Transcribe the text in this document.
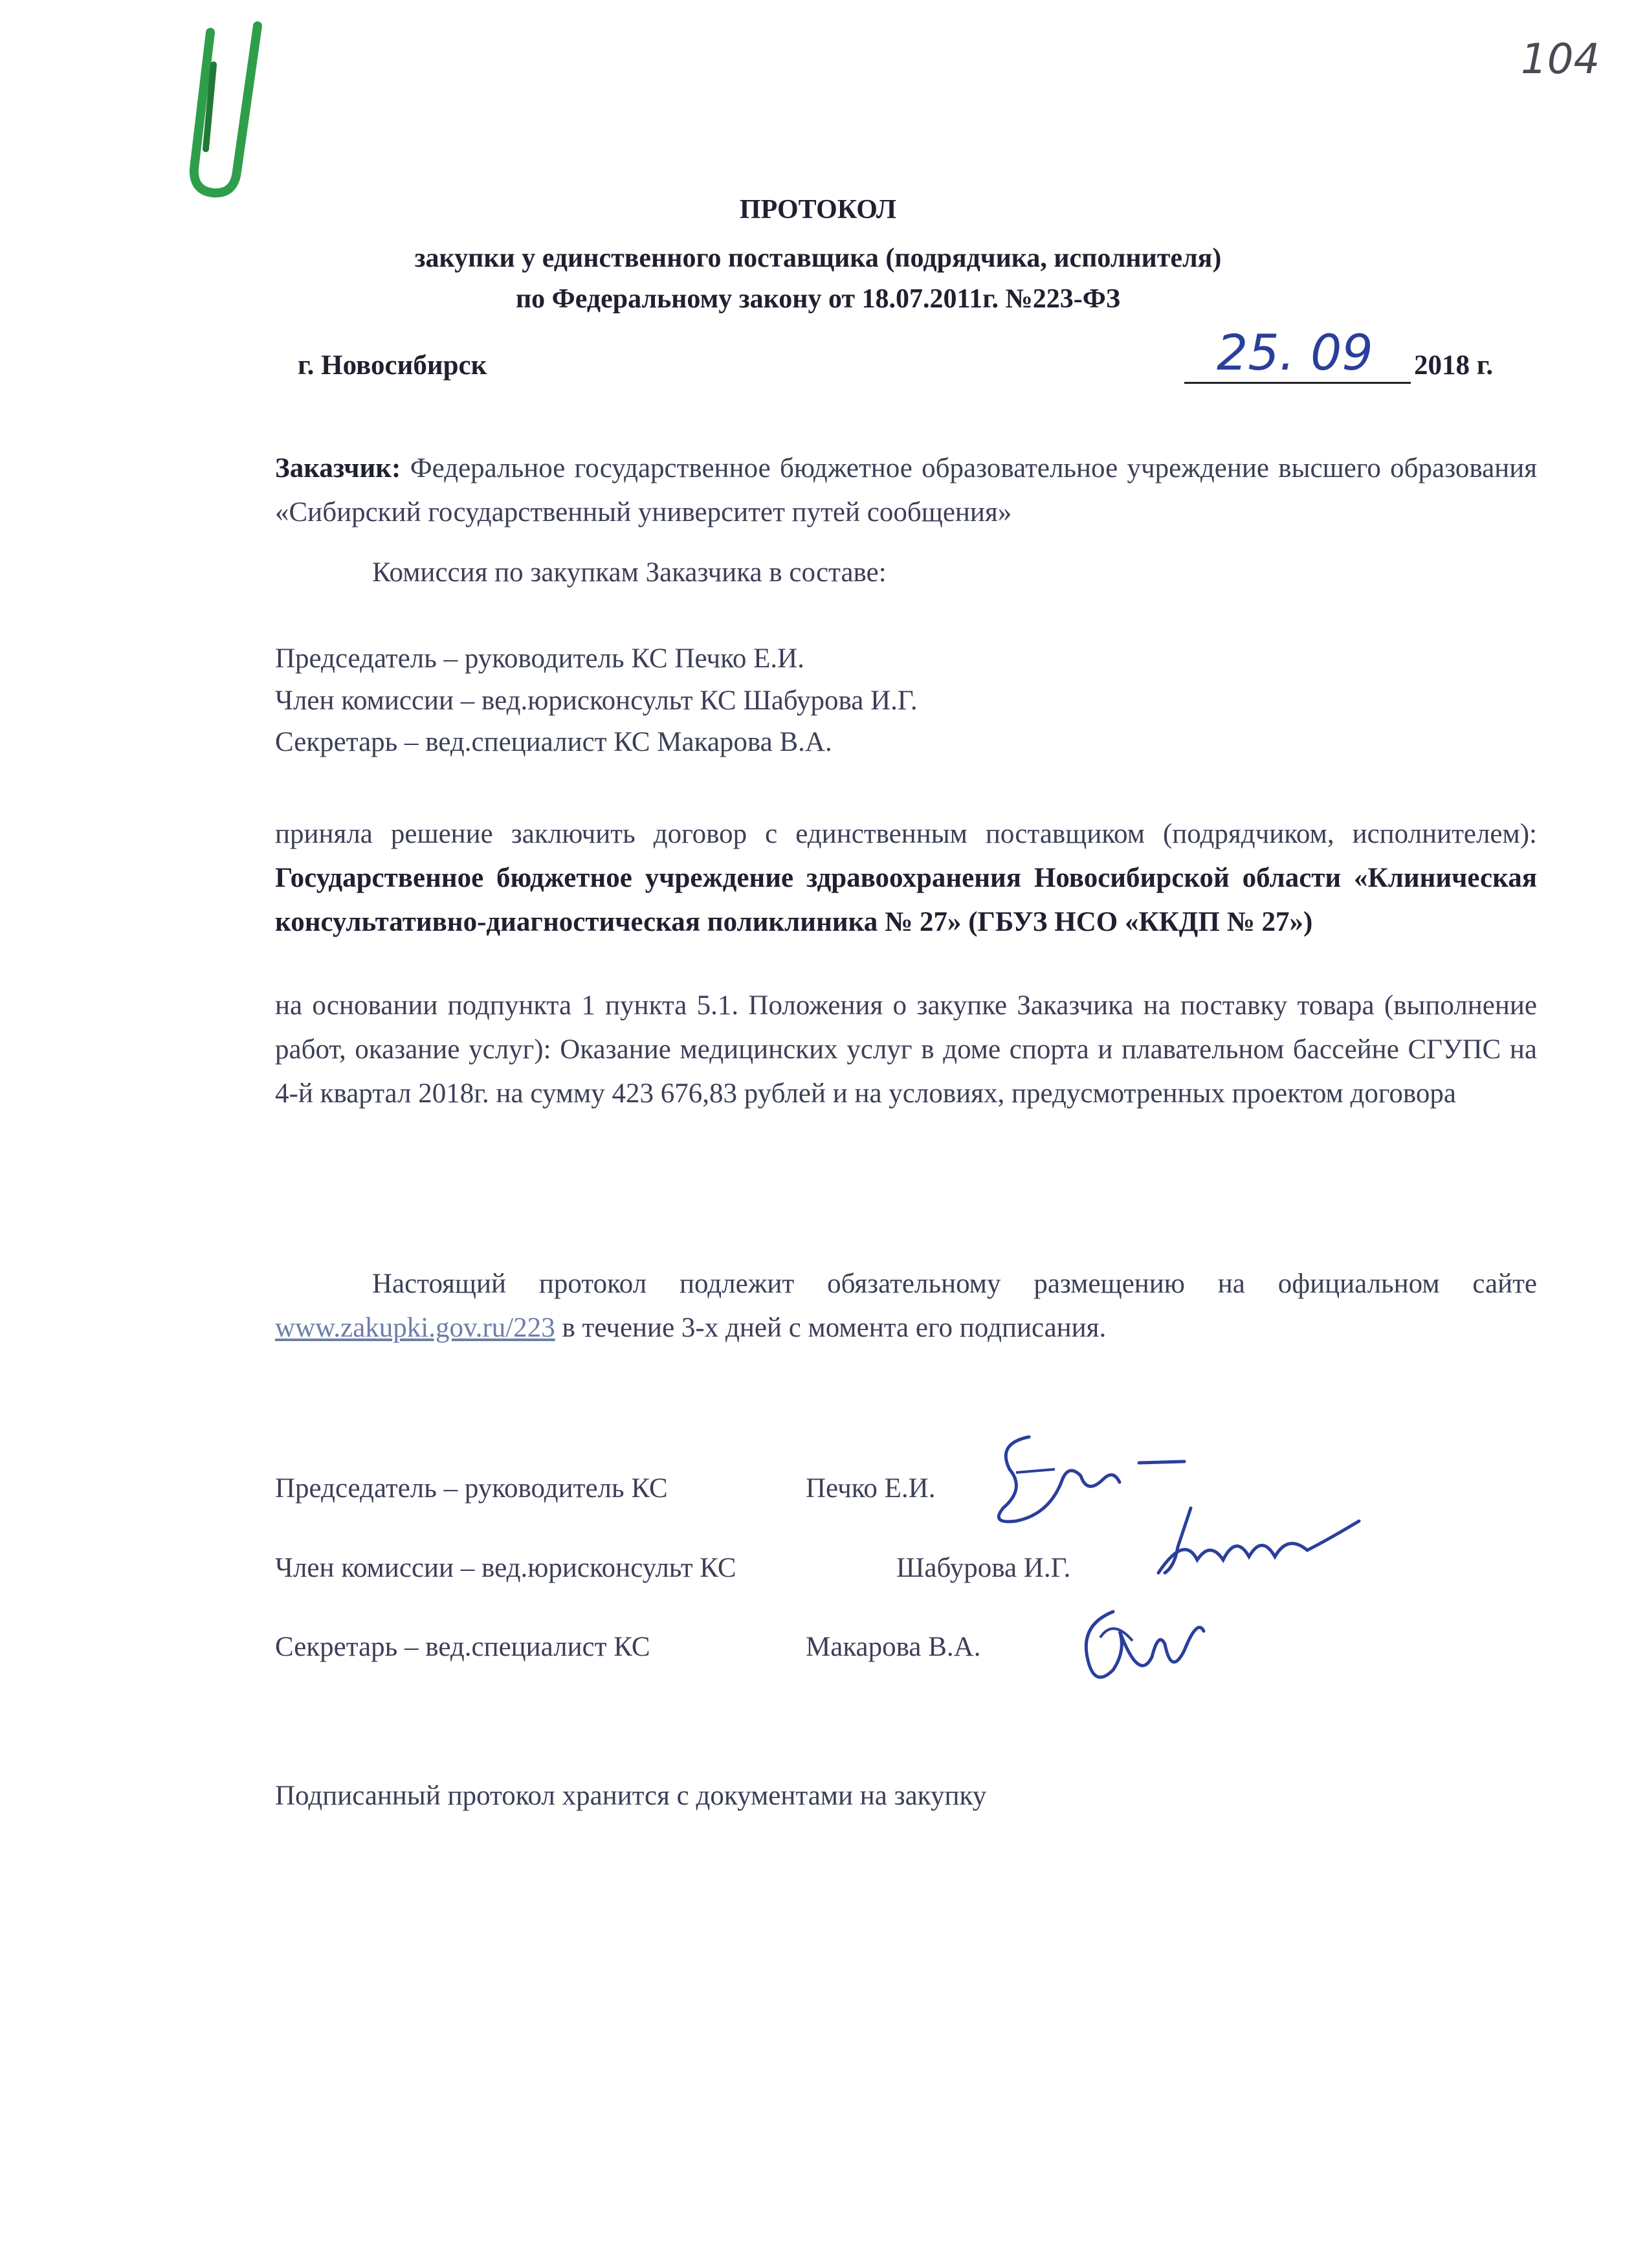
104
ПРОТОКОЛ
закупки у единственного поставщика (подрядчика, исполнителя)
по Федеральному закону от 18.07.2011г. №223-ФЗ
г. Новосибирск	25. 09 2018 г.
Заказчик: Федеральное государственное бюджетное образовательное учреждение высшего образования «Сибирский государственный университет путей сообщения»
Комиссия по закупкам Заказчика в составе:
Председатель – руководитель КС Печко Е.И.
Член комиссии – вед.юрисконсульт КС Шабурова И.Г.
Секретарь – вед.специалист КС Макарова В.А.
приняла решение заключить договор с единственным поставщиком (подрядчиком, исполнителем): Государственное бюджетное учреждение здравоохранения Новосибирской области «Клиническая консультативно-диагностическая поликлиника № 27» (ГБУЗ НСО «ККДП № 27»)
на основании подпункта 1 пункта 5.1. Положения о закупке Заказчика на поставку товара (выполнение работ, оказание услуг): Оказание медицинских услуг в доме спорта и плавательном бассейне СГУПС на 4-й квартал 2018г. на сумму 423 676,83 рублей и на условиях, предусмотренных проектом договора
Настоящий протокол подлежит обязательному размещению на официальном сайте www.zakupki.gov.ru/223 в течение 3-х дней с момента его подписания.
Председатель – руководитель КС	Печко Е.И.
Член комиссии – вед.юрисконсульт КС	Шабурова И.Г.
Секретарь – вед.специалист КС	Макарова В.А.
Подписанный протокол хранится с документами на закупку
